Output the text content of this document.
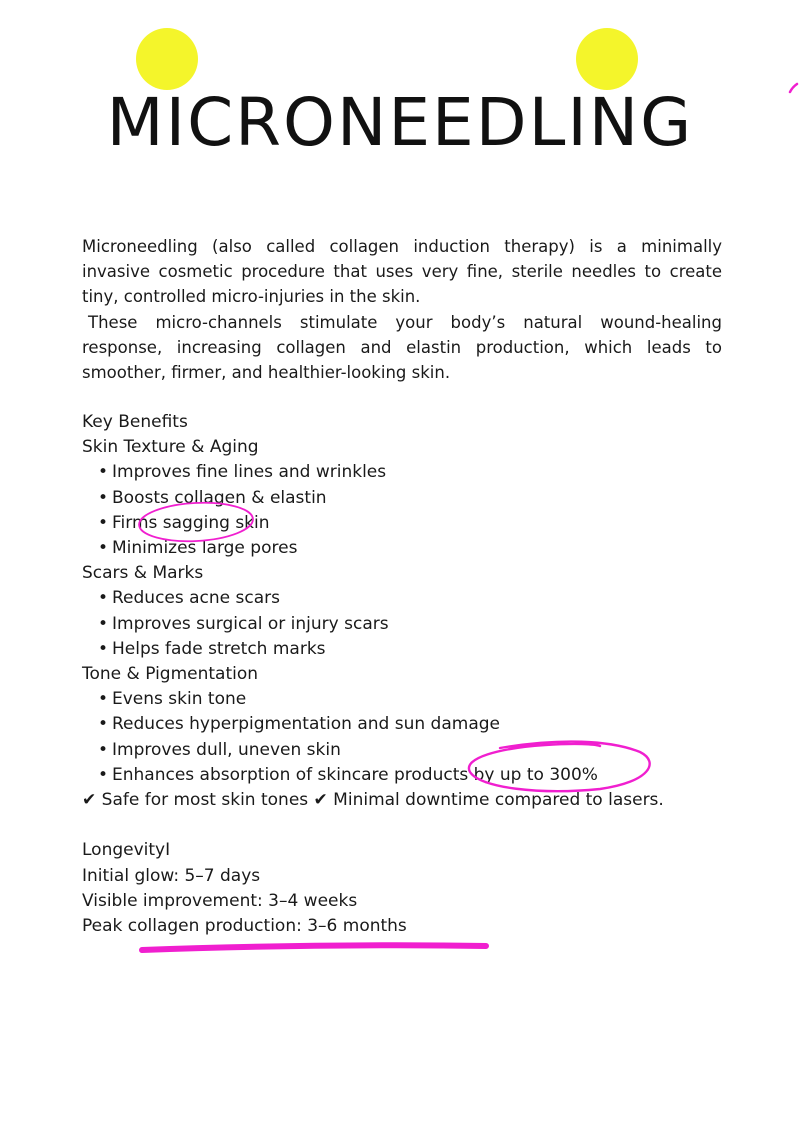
MICRONEEDLING

Microneedling (also called collagen induction therapy) is a minimally invasive cosmetic procedure that uses very fine, sterile needles to create tiny, controlled micro-injuries in the skin.

These micro-channels stimulate your body’s natural wound-healing response, increasing collagen and elastin production, which leads to smoother, firmer, and healthier-looking skin.

Key Benefits
Skin Texture & Aging
• Improves fine lines and wrinkles
• Boosts collagen & elastin
• Firms sagging skin
• Minimizes large pores
Scars & Marks
• Reduces acne scars
• Improves surgical or injury scars
• Helps fade stretch marks
Tone & Pigmentation
• Evens skin tone
• Reduces hyperpigmentation and sun damage
• Improves dull, uneven skin
• Enhances absorption of skincare products by up to 300%
✔ Safe for most skin tones ✔ Minimal downtime compared to lasers.
LongevityI
Initial glow: 5–7 days
Visible improvement: 3–4 weeks
Peak collagen production: 3–6 months
